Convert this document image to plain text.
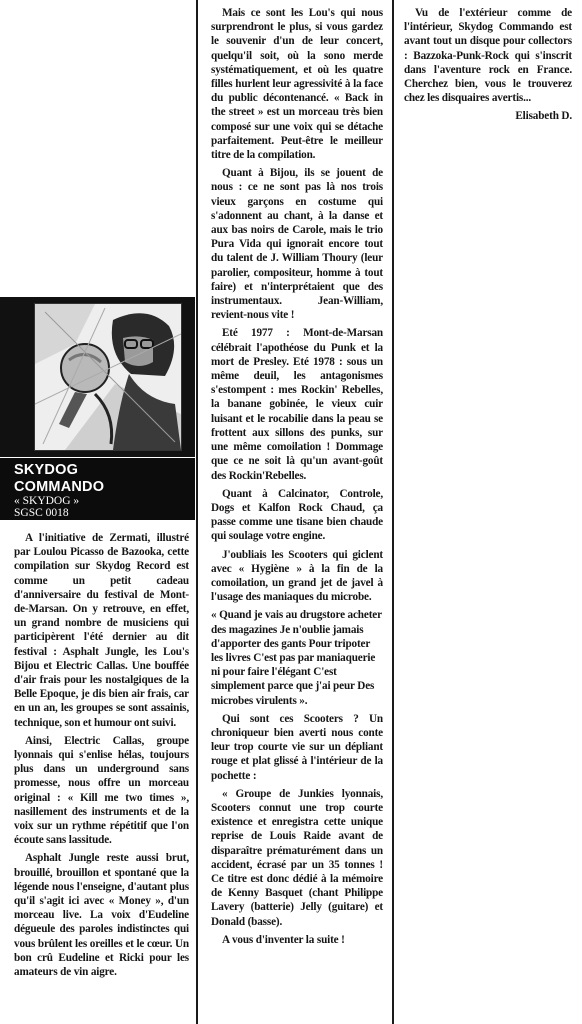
SKYDOG
COMMANDO
« SKYDOG »
SGSC 0018

A l'initiative de Zermati, illustré par Loulou Picasso de Bazooka, cette compilation sur Skydog Record est comme un petit cadeau d'anniversaire du festival de Mont-de-Marsan. On y retrouve, en effet, un grand nombre de musiciens qui participèrent l'été dernier au dit festival : Asphalt Jungle, les Lou's Bijou et Electric Callas. Une bouffée d'air frais pour les nostalgiques de la Belle Epoque, je dis bien air frais, car en un an, les groupes se sont assainis, technique, son et humour ont suivi.

Ainsi, Electric Callas, groupe lyonnais qui s'enlise hélas, toujours plus dans un underground sans promesse, nous offre un morceau original : « Kill me two times », nasillement des instruments et de la voix sur un rythme répétitif que l'on écoute sans lassitude.

Asphalt Jungle reste aussi brut, brouillé, brouillon et spontané que la légende nous l'enseigne, d'autant plus qu'il s'agit ici avec « Money », d'un morceau live. La voix d'Eudeline dégueule des paroles indistinctes qui vous brûlent les oreilles et le cœur. Un bon crû Eudeline et Ricki pour les amateurs de vin aigre.

Mais ce sont les Lou's qui nous surprendront le plus, si vous gardez le souvenir d'un de leur concert, quelqu'il soit, où la sono merde systématiquement, et où les quatre filles hurlent leur agressivité à la face du public décontenancé. « Back in the street » est un morceau très bien composé sur une voix qui se détache parfaitement. Peut-être le meilleur titre de la compilation.

Quant à Bijou, ils se jouent de nous : ce ne sont pas là nos trois vieux garçons en costume qui s'adonnent au chant, à la danse et aux bas noirs de Carole, mais le trio Pura Vida qui ignorait encore tout du talent de J. William Thoury (leur parolier, compositeur, homme à tout faire) et n'interprétaient que des instrumentaux. Jean-William, revient-nous vite !

Eté 1977 : Mont-de-Marsan célébrait l'apothéose du Punk et la mort de Presley. Eté 1978 : sous un même deuil, les antagonismes s'estompent : mes Rockin' Rebelles, la banane gobinée, le vieux cuir luisant et le rocabilie dans la peau se frottent aux sillons des punks, sur une même comoilation ! Dommage que ce ne soit là qu'un avant-goût des Rockin'Rebelles.

Quant à Calcinator, Controle, Dogs et Kalfon Rock Chaud, ça passe comme une tisane bien chaude qui soulage votre engine.

J'oubliais les Scooters qui giclent avec « Hygiène » à la fin de la comoilation, un grand jet de javel à l'usage des maniaques du microbe.

« Quand je vais au drugstore acheter des magazines Je n'oublie jamais d'apporter des gants Pour tripoter les livres C'est pas par maniaquerie ni pour faire l'élégant C'est simplement parce que j'ai peur Des microbes virulents ».

Qui sont ces Scooters ? Un chroniqueur bien averti nous conte leur trop courte vie sur un dépliant rouge et plat glissé à l'intérieur de la pochette :

« Groupe de Junkies lyonnais, Scooters connut une trop courte existence et enregistra cette unique reprise de Louis Raide avant de disparaître prématurément dans un accident, écrasé par un 35 tonnes ! Ce titre est donc dédié à la mémoire de Kenny Basquet (chant Philippe Lavery (batterie) Jelly (guitare) et Donald (basse).

A vous d'inventer la suite !

Vu de l'extérieur comme de l'intérieur, Skydog Commando est avant tout un disque pour collectors : Bazzoka-Punk-Rock qui s'inscrit dans l'aventure rock en France. Cherchez bien, vous le trouverez chez les disquaires avertis...

Elisabeth D.
